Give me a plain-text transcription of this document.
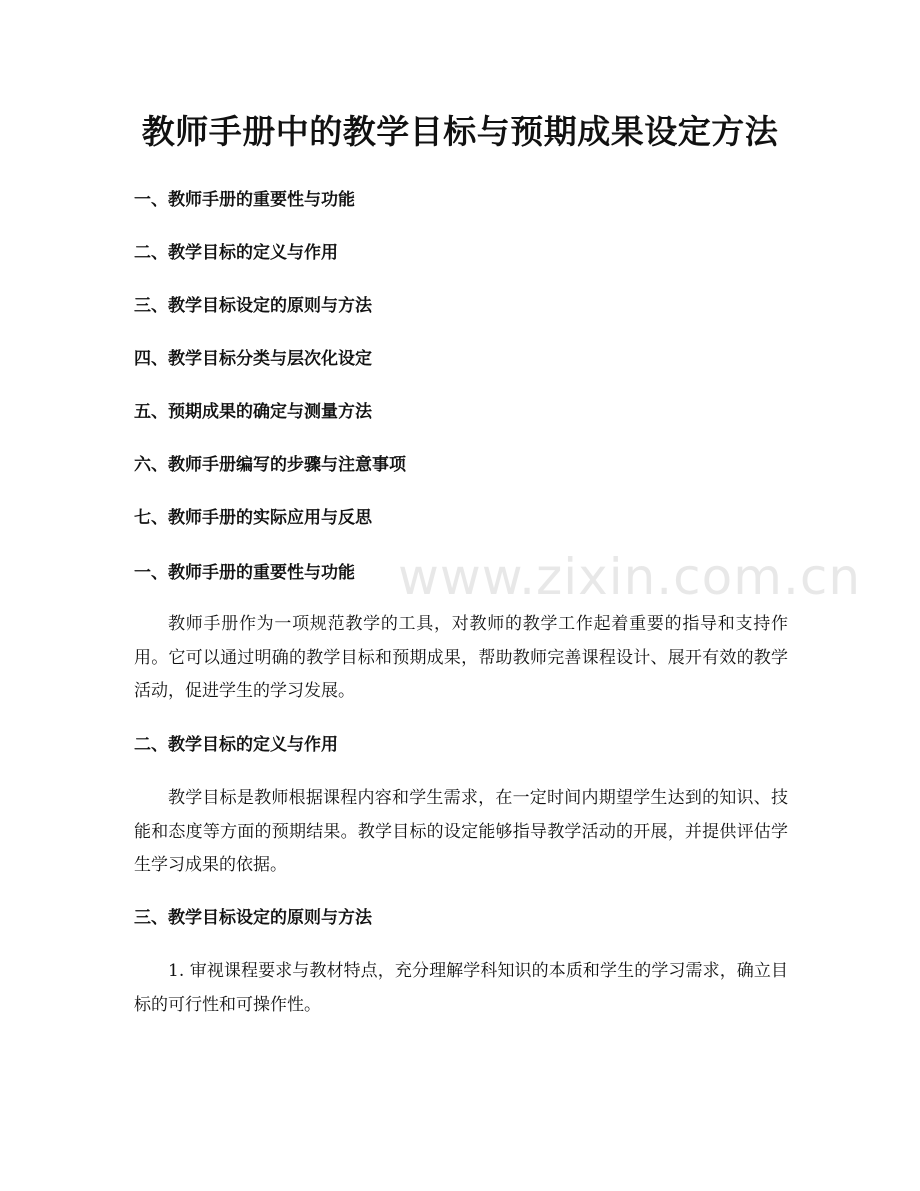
教师手册中的教学目标与预期成果设定方法
一、教师手册的重要性与功能
二、教学目标的定义与作用
三、教学目标设定的原则与方法
四、教学目标分类与层次化设定
五、预期成果的确定与测量方法
六、教师手册编写的步骤与注意事项
七、教师手册的实际应用与反思
一、教师手册的重要性与功能

教师手册作为一项规范教学的工具，对教师的教学工作起着重要的指导和支持作用。它可以通过明确的教学目标和预期成果，帮助教师完善课程设计、展开有效的教学活动，促进学生的学习发展。

二、教学目标的定义与作用

教学目标是教师根据课程内容和学生需求，在一定时间内期望学生达到的知识、技能和态度等方面的预期结果。教学目标的设定能够指导教学活动的开展，并提供评估学生学习成果的依据。

三、教学目标设定的原则与方法

1. 审视课程要求与教材特点，充分理解学科知识的本质和学生的学习需求，确立目标的可行性和可操作性。

www.zixin.com.cn
